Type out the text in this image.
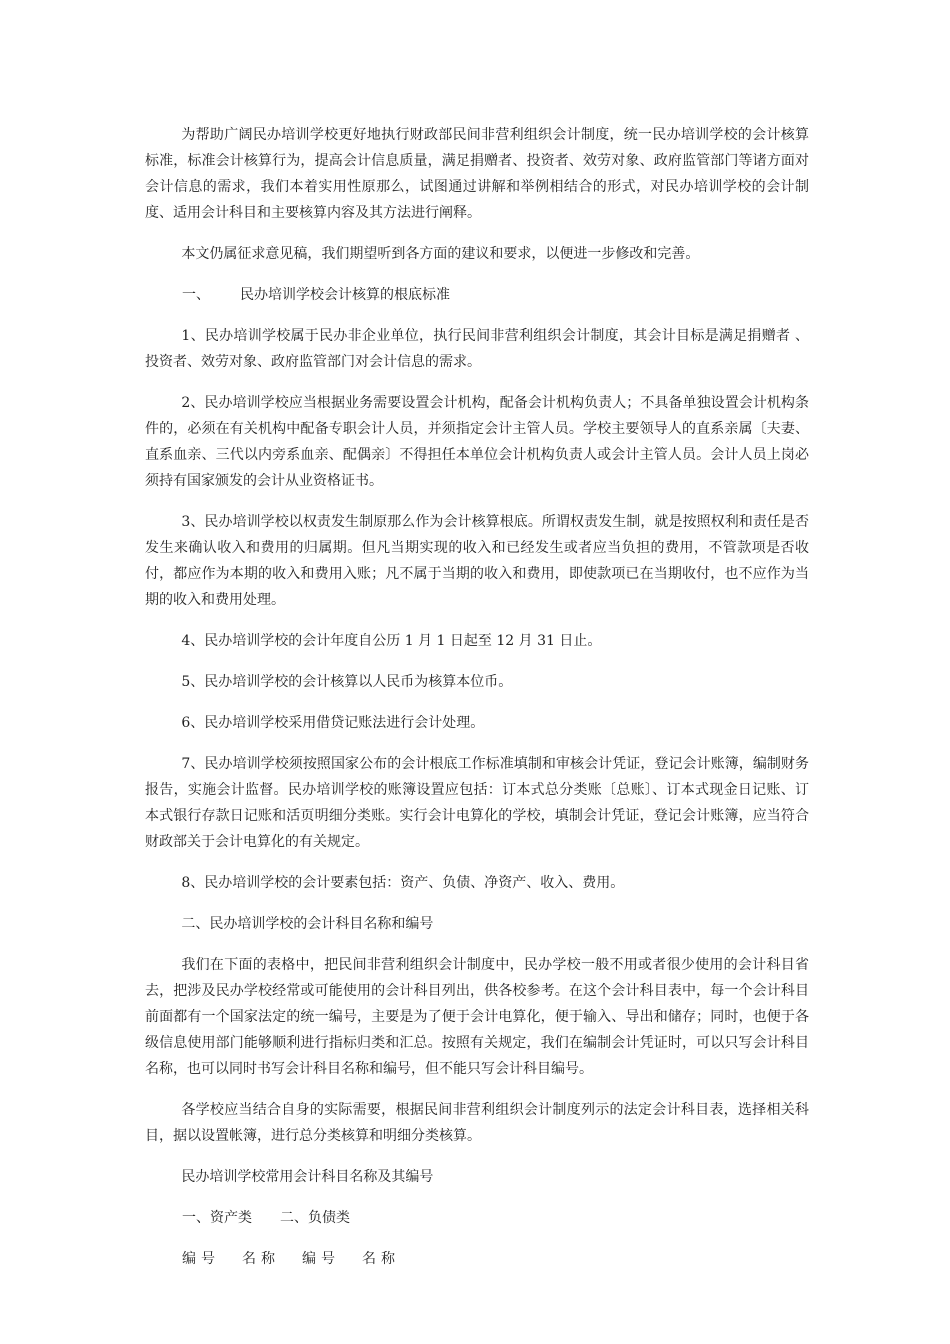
为帮助广阔民办培训学校更好地执行财政部民间非营利组织会计制度，统一民办培训学校的会计核算标准，标准会计核算行为，提高会计信息质量，满足捐赠者、投资者、效劳对象、政府监管部门等诸方面对会计信息的需求，我们本着实用性原那么，试图通过讲解和举例相结合的形式，对民办培训学校的会计制度、适用会计科目和主要核算内容及其方法进行阐释。

本文仍属征求意见稿，我们期望听到各方面的建议和要求，以便进一步修改和完善。

一、 民办培训学校会计核算的根底标准

1、民办培训学校属于民办非企业单位，执行民间非营利组织会计制度，其会计目标是满足捐赠者 、投资者、效劳对象、政府监管部门对会计信息的需求。

2、民办培训学校应当根据业务需要设置会计机构，配备会计机构负责人；不具备单独设置会计机构条件的，必须在有关机构中配备专职会计人员，并须指定会计主管人员。学校主要领导人的直系亲属〔夫妻、直系血亲、三代以内旁系血亲、配偶亲〕不得担任本单位会计机构负责人或会计主管人员。会计人员上岗必须持有国家颁发的会计从业资格证书。

3、民办培训学校以权责发生制原那么作为会计核算根底。所谓权责发生制，就是按照权利和责任是否发生来确认收入和费用的归属期。但凡当期实现的收入和已经发生或者应当负担的费用，不管款项是否收付，都应作为本期的收入和费用入账；凡不属于当期的收入和费用，即使款项已在当期收付，也不应作为当期的收入和费用处理。

4、民办培训学校的会计年度自公历 1 月 1 日起至 12 月 31 日止。

5、民办培训学校的会计核算以人民币为核算本位币。

6、民办培训学校采用借贷记账法进行会计处理。

7、民办培训学校须按照国家公布的会计根底工作标准填制和审核会计凭证，登记会计账簿，编制财务报告，实施会计监督。民办培训学校的账簿设置应包括：订本式总分类账〔总账〕、订本式现金日记账、订本式银行存款日记账和活页明细分类账。实行会计电算化的学校，填制会计凭证，登记会计账簿，应当符合财政部关于会计电算化的有关规定。

8、民办培训学校的会计要素包括：资产、负债、净资产、收入、费用。

二、民办培训学校的会计科目名称和编号

我们在下面的表格中，把民间非营利组织会计制度中，民办学校一般不用或者很少使用的会计科目省去，把涉及民办学校经常或可能使用的会计科目列出，供各校参考。在这个会计科目表中，每一个会计科目前面都有一个国家法定的统一编号，主要是为了便于会计电算化，便于输入、导出和储存；同时，也便于各级信息使用部门能够顺利进行指标归类和汇总。按照有关规定，我们在编制会计凭证时，可以只写会计科目名称，也可以同时书写会计科目名称和编号，但不能只写会计科目编号。

各学校应当结合自身的实际需要，根据民间非营利组织会计制度列示的法定会计科目表，选择相关科目，据以设置帐簿，进行总分类核算和明细分类核算。

民办培训学校常用会计科目名称及其编号

一、资产类 二、负债类
编号 名称 编号 名称
